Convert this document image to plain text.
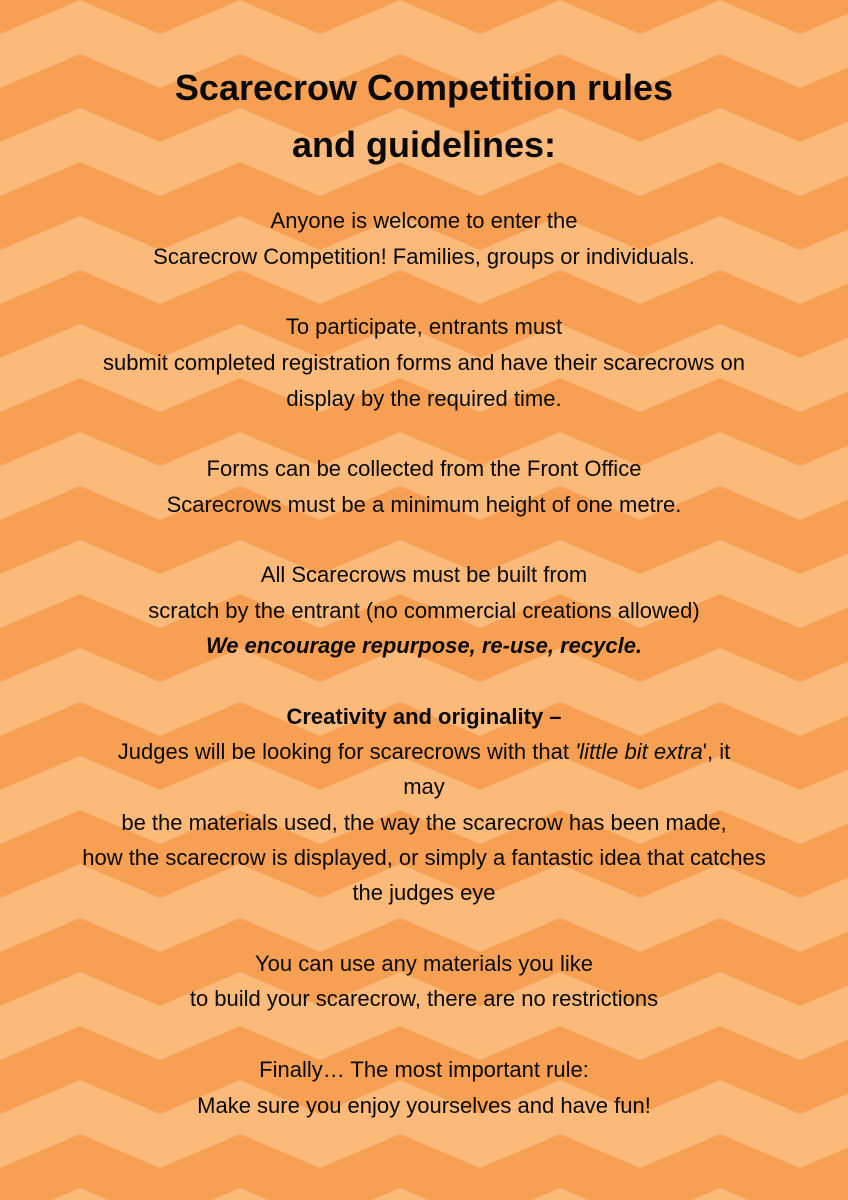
Scarecrow Competition rules
and guidelines:

Anyone is welcome to enter the

Scarecrow Competition! Families, groups or individuals.

To participate, entrants must

submit completed registration forms and have their scarecrows on

display by the required time.

Forms can be collected from the Front Office

Scarecrows must be a minimum height of one metre.

All Scarecrows must be built from

scratch by the entrant (no commercial creations allowed)

We encourage repurpose, re-use, recycle.

Creativity and originality –

Judges will be looking for scarecrows with that 'little bit extra', it

may

be the materials used, the way the scarecrow has been made,

how the scarecrow is displayed, or simply a fantastic idea that catches

the judges eye

You can use any materials you like

to build your scarecrow, there are no restrictions

Finally… The most important rule:

Make sure you enjoy yourselves and have fun!
